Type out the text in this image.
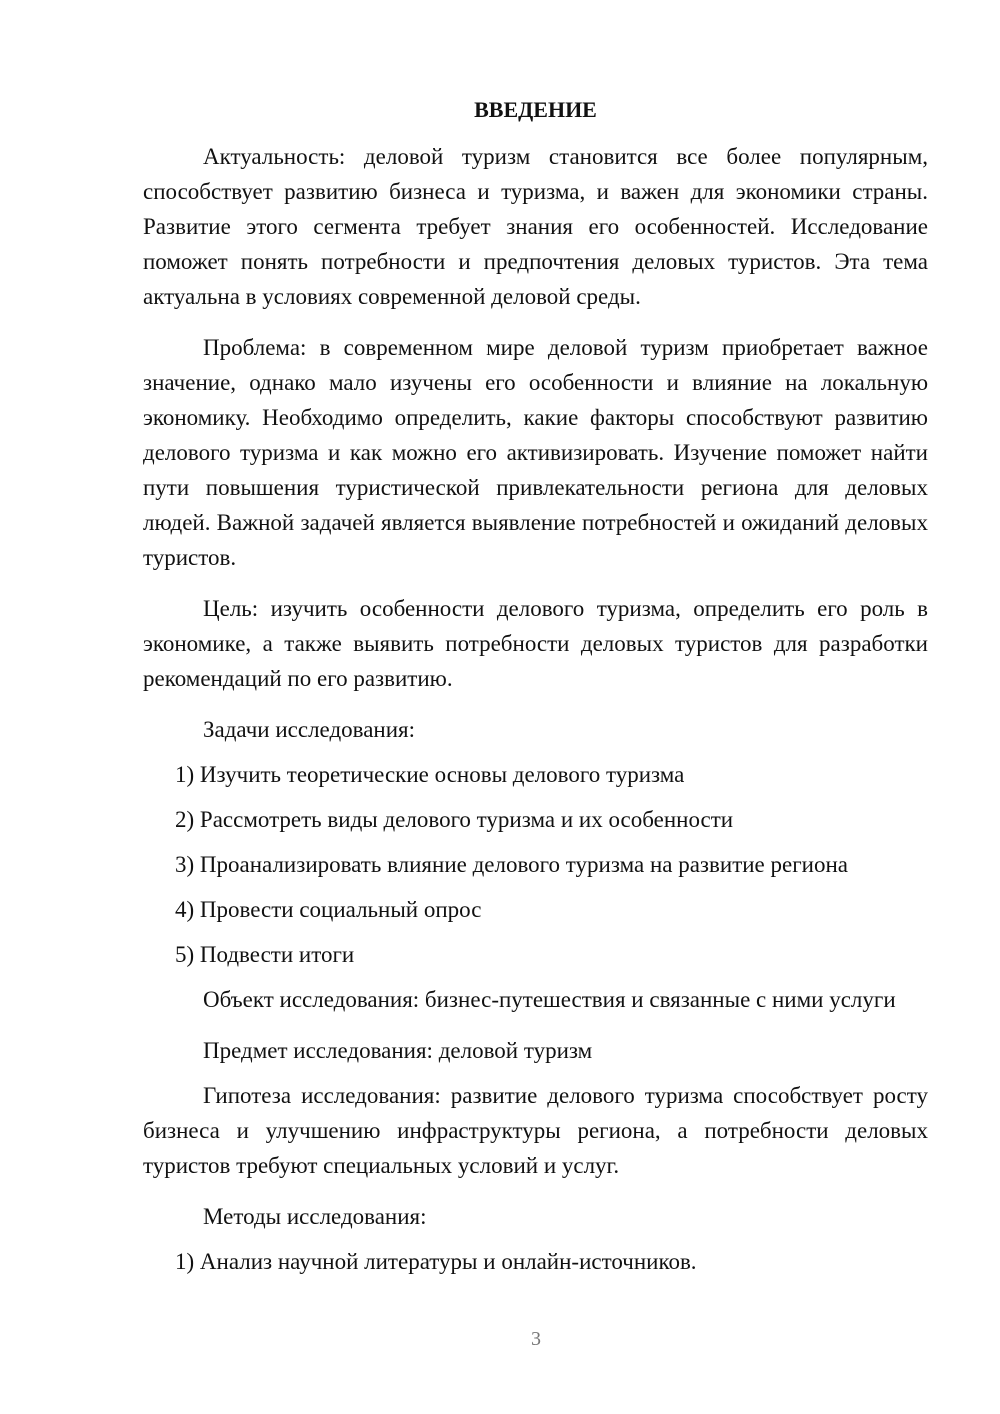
ВВЕДЕНИЕ
Актуальность: деловой туризм становится все более популярным, способствует развитию бизнеса и туризма, и важен для экономики страны. Развитие этого сегмента требует знания его особенностей. Исследование поможет понять потребности и предпочтения деловых туристов. Эта тема актуальна в условиях современной деловой среды.
Проблема: в современном мире деловой туризм приобретает важное значение, однако мало изучены его особенности и влияние на локальную экономику. Необходимо определить, какие факторы способствуют развитию делового туризма и как можно его активизировать. Изучение поможет найти пути повышения туристической привлекательности региона для деловых людей. Важной задачей является выявление потребностей и ожиданий деловых туристов.
Цель: изучить особенности делового туризма, определить его роль в экономике, а также выявить потребности деловых туристов для разработки рекомендаций по его развитию.
Задачи исследования:
1) Изучить теоретические основы делового туризма
2) Рассмотреть виды делового туризма и их особенности
3) Проанализировать влияние делового туризма на развитие региона
4) Провести социальный опрос
5) Подвести итоги
Объект исследования: бизнес-путешествия и связанные с ними услуги
Предмет исследования: деловой туризм
Гипотеза исследования: развитие делового туризма способствует росту бизнеса и улучшению инфраструктуры региона, а потребности деловых туристов требуют специальных условий и услуг.
Методы исследования:
1) Анализ научной литературы и онлайн-источников.
3
